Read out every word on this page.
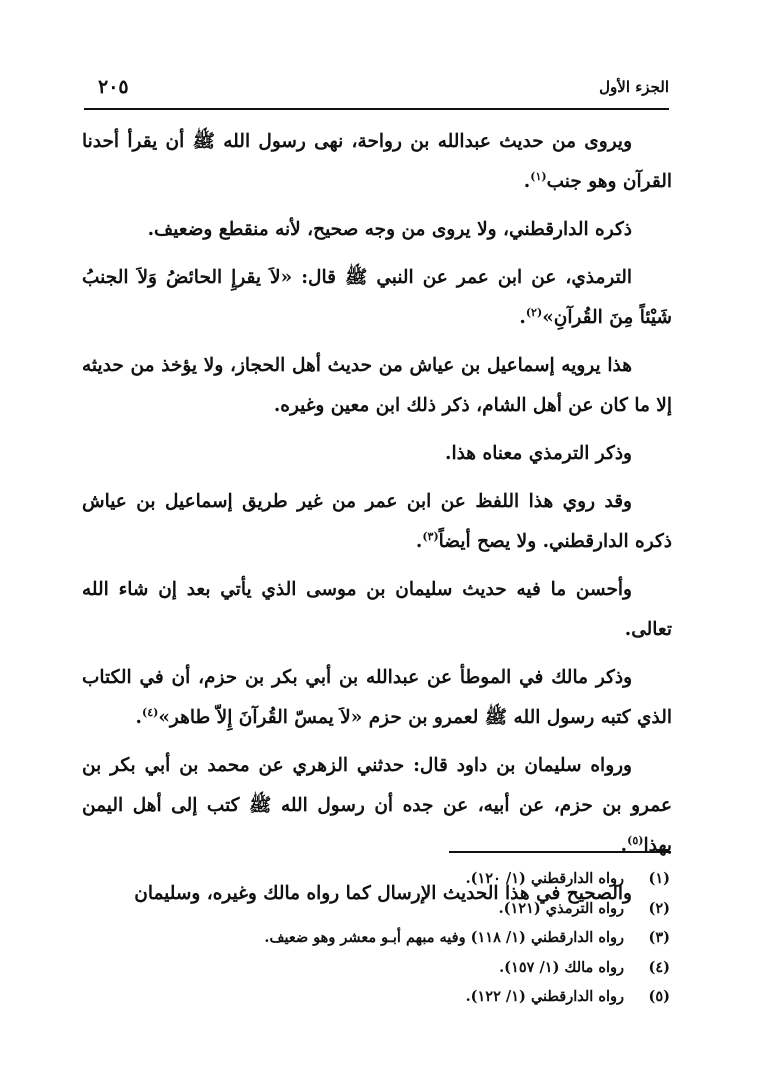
الجزء الأول
٢٠٥

ويروى من حديث عبدالله بن رواحة، نهى رسول الله ﷺ أن يقرأ أحدنا القرآن وهو جنب$^{(١)}$.

ذكره الدارقطني، ولا يروى من وجه صحيح، لأنه منقطع وضعيف.

الترمذي، عن ابن عمر عن النبي ﷺ قال: «لاَ يقرإِ الحائضُ وَلاَ الجنبُ شَيْئاً مِنَ القُرآنِ»$^{(٢)}$.

هذا يرويه إسماعيل بن عياش من حديث أهل الحجاز، ولا يؤخذ من حديثه إلا ما كان عن أهل الشام، ذكر ذلك ابن معين وغيره.

وذكر الترمذي معناه هذا.

وقد روي هذا اللفظ عن ابن عمر من غير طريق إسماعيل بن عياش ذكره الدارقطني. ولا يصح أيضاً$^{(٣)}$.

وأحسن ما فيه حديث سليمان بن موسى الذي يأتي بعد إن شاء الله تعالى.

وذكر مالك في الموطأ عن عبدالله بن أبي بكر بن حزم، أن في الكتاب الذي كتبه رسول الله ﷺ لعمرو بن حزم «لاَ يمسّ القُرآنَ إِلاّ طاهر»$^{(٤)}$.

ورواه سليمان بن داود قال: حدثني الزهري عن محمد بن أبي بكر بن عمرو بن حزم، عن أبيه، عن جده أن رسول الله ﷺ كتب إلى أهل اليمن بهذا$^{(٥)}$.

والصحيح في هذا الحديث الإرسال كما رواه مالك وغيره، وسليمان

(١)رواه الدارقطني (١/ ١٢٠).
(٢)رواه الترمذي (١٢١).
(٣)رواه الدارقطني (١/ ١١٨) وفيه مبهم أبـو معشر وهو ضعيف.
(٤)رواه مالك (١/ ١٥٧).
(٥)رواه الدارقطني (١/ ١٢٢).
